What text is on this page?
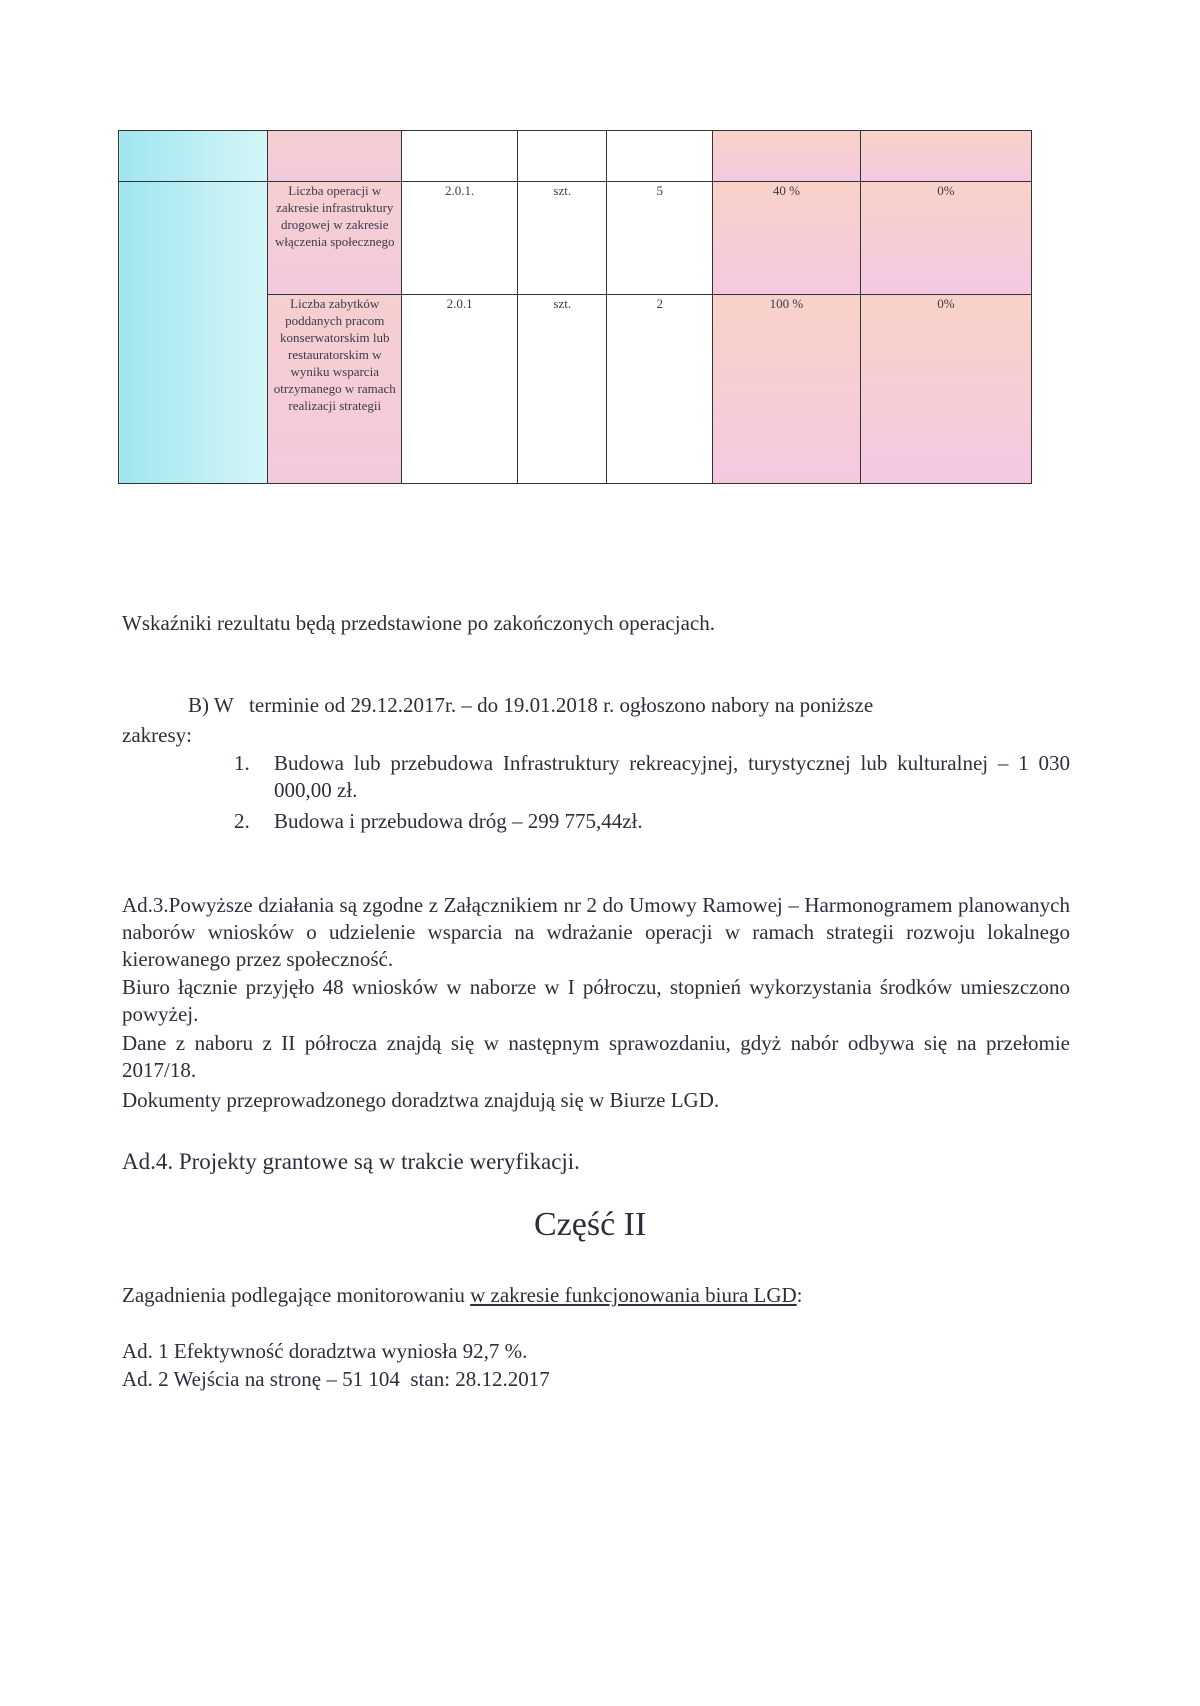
	Liczba operacji w zakresie infrastruktury drogowej w zakresie włączenia społecznego	2.0.1.	szt.	5	40 %	0%
	Liczba zabytków poddanych pracom konserwatorskim lub restauratorskim w wyniku wsparcia otrzymanego w ramach realizacji strategii	2.0.1	szt.	2	100 %	0%
Wskaźniki rezultatu będą przedstawione po zakończonych operacjach.
B) W   terminie od 29.12.2017r. – do 19.01.2018 r. ogłoszono nabory na poniższe
zakresy:
1.	Budowa lub przebudowa Infrastruktury rekreacyjnej, turystycznej lub kulturalnej – 1 030 000,00 zł.
2.	Budowa i przebudowa dróg – 299 775,44zł.
Ad.3.Powyższe działania są zgodne z Załącznikiem nr 2 do Umowy Ramowej – Harmonogramem planowanych naborów wniosków o udzielenie wsparcia na wdrażanie operacji w ramach strategii rozwoju lokalnego kierowanego przez społeczność.
Biuro łącznie przyjęło 48 wniosków w naborze w I półroczu, stopnień wykorzystania środków umieszczono powyżej.
Dane z naboru z II półrocza znajdą się w następnym sprawozdaniu, gdyż nabór odbywa się na przełomie 2017/18.
Dokumenty przeprowadzonego doradztwa znajdują się w Biurze LGD.
Ad.4. Projekty grantowe są w trakcie weryfikacji.
Część II
Zagadnienia podlegające monitorowaniu w zakresie funkcjonowania biura LGD:
Ad. 1 Efektywność doradztwa wyniosła 92,7 %.
Ad. 2 Wejścia na stronę – 51 104  stan: 28.12.2017
